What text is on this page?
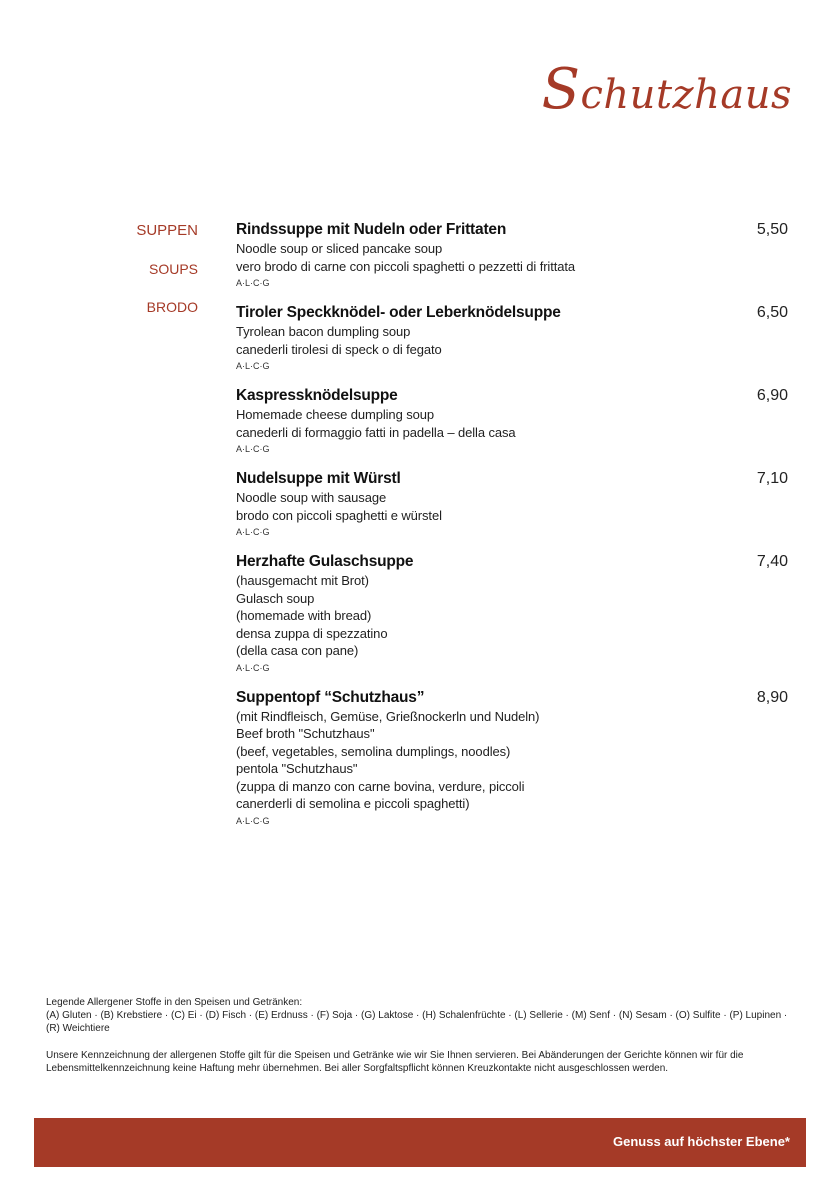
Schutzhaus
SUPPEN
SOUPS
BRODO
Rindssuppe mit Nudeln oder Frittaten	5,50
Noodle soup or sliced pancake soup
vero brodo di carne con piccoli spaghetti o pezzetti di frittata
A·L·C·G
Tiroler Speckknödel- oder Leberknödelsuppe	6,50
Tyrolean bacon dumpling soup
canederli tirolesi di speck o di fegato
A·L·C·G
Kaspressknödelsuppe	6,90
Homemade cheese dumpling soup
canederli di formaggio fatti in padella – della casa
A·L·C·G
Nudelsuppe mit Würstl	7,10
Noodle soup with sausage
brodo con piccoli spaghetti e würstel
A·L·C·G
Herzhafte Gulaschsuppe	7,40
(hausgemacht mit Brot)
Gulasch soup
(homemade with bread)
densa zuppa di spezzatino
(della casa con pane)
A·L·C·G
Suppentopf “Schutzhaus”	8,90
(mit Rindfleisch, Gemüse, Grießnockerln und Nudeln)
Beef broth "Schutzhaus"
(beef, vegetables, semolina dumplings, noodles)
pentola "Schutzhaus"
(zuppa di manzo con carne bovina, verdure, piccoli
canerderli di semolina e piccoli spaghetti)
A·L·C·G

Legende Allergener Stoffe in den Speisen und Getränken:

(A) Gluten · (B) Krebstiere · (C) Ei · (D) Fisch · (E) Erdnuss · (F) Soja · (G) Laktose · (H) Schalenfrüchte · (L) Sellerie · (M) Senf · (N) Sesam · (O) Sulfite · (P) Lupinen · (R) Weichtiere

Unsere Kennzeichnung der allergenen Stoffe gilt für die Speisen und Getränke wie wir Sie Ihnen servieren. Bei Abänderungen der Gerichte können wir für die Lebensmittelkennzeichnung keine Haftung mehr übernehmen. Bei aller Sorgfaltspflicht können Kreuzkontakte nicht ausgeschlossen werden.

Genuss auf höchster Ebene*
